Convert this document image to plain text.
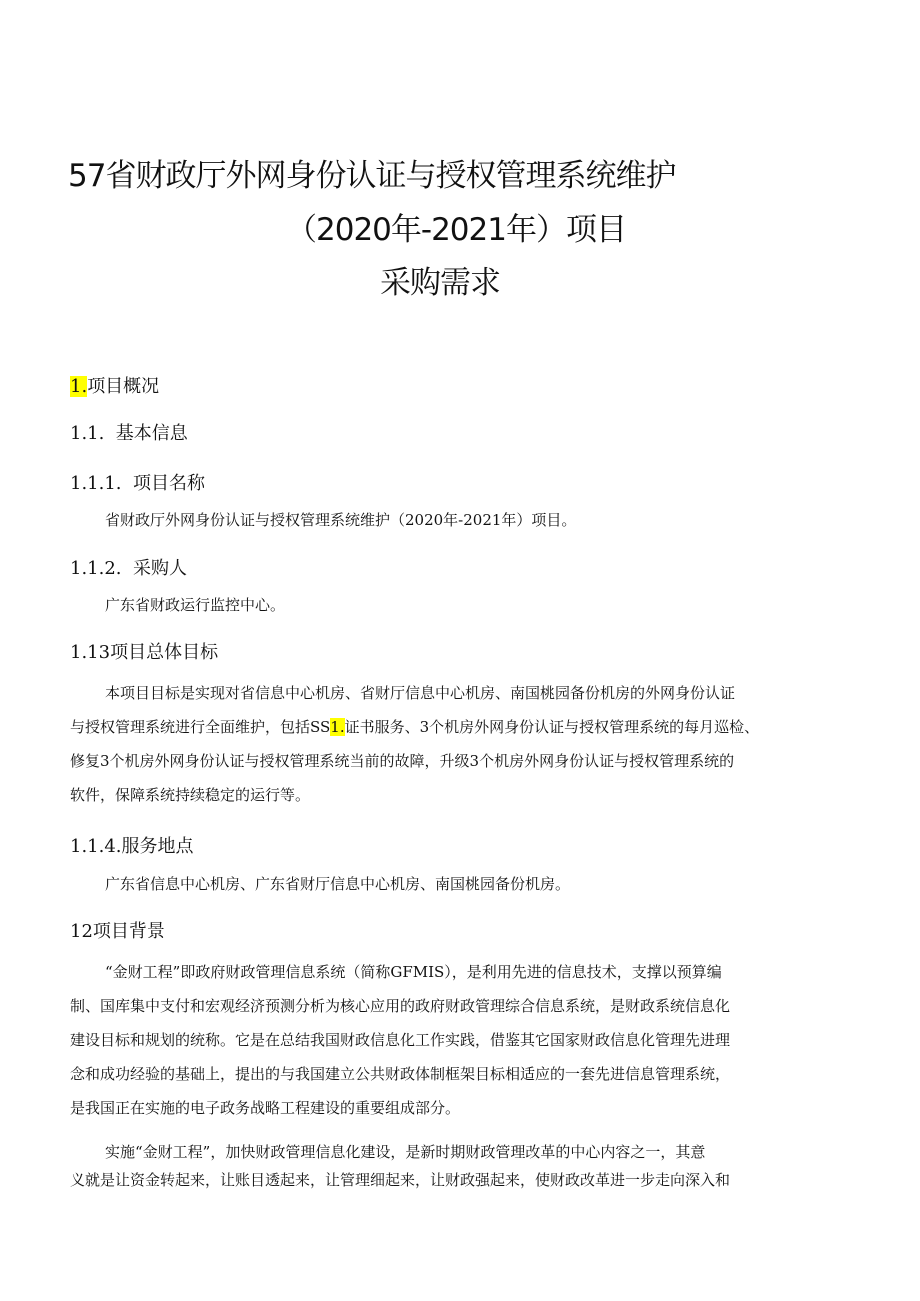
57省财政厅外网身份认证与授权管理系统维护
（2020年-2021年）项目
采购需求
1.项目概况
1.1.  基本信息
1.1.1.  项目名称
省财政厅外网身份认证与授权管理系统维护（2020年-2021年）项目。
1.1.2.  采购人
广东省财政运行监控中心。
1.13项目总体目标
本项目目标是实现对省信息中心机房、省财厅信息中心机房、南国桃园备份机房的外网身份认证
与授权管理系统进行全面维护，包括SS1.证书服务、3个机房外网身份认证与授权管理系统的每月巡检、
修复3个机房外网身份认证与授权管理系统当前的故障，升级3个机房外网身份认证与授权管理系统的
软件，保障系统持续稳定的运行等。
1.1.4.服务地点
广东省信息中心机房、广东省财厅信息中心机房、南国桃园备份机房。
12项目背景
“金财工程”即政府财政管理信息系统（简称GFMIS），是利用先进的信息技术，支撑以预算编
制、国库集中支付和宏观经济预测分析为核心应用的政府财政管理综合信息系统，是财政系统信息化
建设目标和规划的统称。它是在总结我国财政信息化工作实践，借鉴其它国家财政信息化管理先进理
念和成功经验的基础上，提出的与我国建立公共财政体制框架目标相适应的一套先进信息管理系统，
是我国正在实施的电子政务战略工程建设的重要组成部分。
实施“金财工程”，加快财政管理信息化建设，是新时期财政管理改革的中心内容之一，其意
义就是让资金转起来，让账目透起来，让管理细起来，让财政强起来，使财政改革进一步走向深入和
